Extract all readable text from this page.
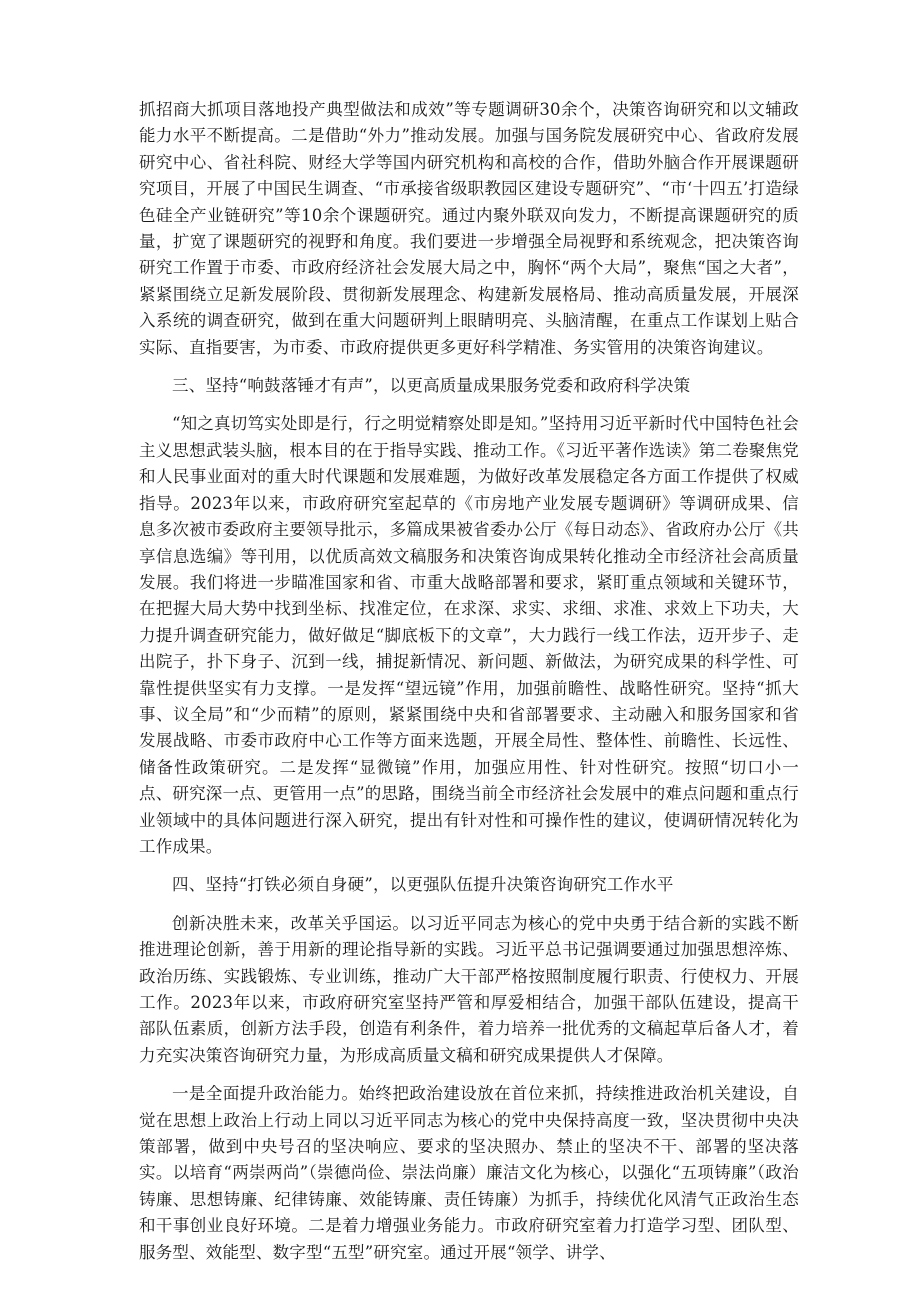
抓招商大抓项目落地投产典型做法和成效”等专题调研30余个，决策咨询研究和以文辅政能力水平不断提高。二是借助“外力”推动发展。加强与国务院发展研究中心、省政府发展研究中心、省社科院、财经大学等国内研究机构和高校的合作，借助外脑合作开展课题研究项目，开展了中国民生调查、“市承接省级职教园区建设专题研究”、“市‘十四五’打造绿色硅全产业链研究”等10余个课题研究。通过内聚外联双向发力，不断提高课题研究的质量，扩宽了课题研究的视野和角度。我们要进一步增强全局视野和系统观念，把决策咨询研究工作置于市委、市政府经济社会发展大局之中，胸怀“两个大局”，聚焦“国之大者”，紧紧围绕立足新发展阶段、贯彻新发展理念、构建新发展格局、推动高质量发展，开展深入系统的调查研究，做到在重大问题研判上眼睛明亮、头脑清醒，在重点工作谋划上贴合实际、直指要害，为市委、市政府提供更多更好科学精准、务实管用的决策咨询建议。

三、坚持“响鼓落锤才有声”，以更高质量成果服务党委和政府科学决策

“知之真切笃实处即是行，行之明觉精察处即是知。”坚持用习近平新时代中国特色社会主义思想武装头脑，根本目的在于指导实践、推动工作。《习近平著作选读》第二卷聚焦党和人民事业面对的重大时代课题和发展难题，为做好改革发展稳定各方面工作提供了权威指导。2023年以来，市政府研究室起草的《市房地产业发展专题调研》等调研成果、信息多次被市委政府主要领导批示，多篇成果被省委办公厅《每日动态》、省政府办公厅《共享信息选编》等刊用，以优质高效文稿服务和决策咨询成果转化推动全市经济社会高质量发展。我们将进一步瞄准国家和省、市重大战略部署和要求，紧盯重点领域和关键环节，在把握大局大势中找到坐标、找准定位，在求深、求实、求细、求准、求效上下功夫，大力提升调查研究能力，做好做足“脚底板下的文章”，大力践行一线工作法，迈开步子、走出院子，扑下身子、沉到一线，捕捉新情况、新问题、新做法，为研究成果的科学性、可靠性提供坚实有力支撑。一是发挥“望远镜”作用，加强前瞻性、战略性研究。坚持“抓大事、议全局”和“少而精”的原则，紧紧围绕中央和省部署要求、主动融入和服务国家和省发展战略、市委市政府中心工作等方面来选题，开展全局性、整体性、前瞻性、长远性、储备性政策研究。二是发挥“显微镜”作用，加强应用性、针对性研究。按照“切口小一点、研究深一点、更管用一点”的思路，围绕当前全市经济社会发展中的难点问题和重点行业领域中的具体问题进行深入研究，提出有针对性和可操作性的建议，使调研情况转化为工作成果。

四、坚持“打铁必须自身硬”，以更强队伍提升决策咨询研究工作水平

创新决胜未来，改革关乎国运。以习近平同志为核心的党中央勇于结合新的实践不断推进理论创新，善于用新的理论指导新的实践。习近平总书记强调要通过加强思想淬炼、政治历练、实践锻炼、专业训练，推动广大干部严格按照制度履行职责、行使权力、开展工作。2023年以来，市政府研究室坚持严管和厚爱相结合，加强干部队伍建设，提高干部队伍素质，创新方法手段，创造有利条件，着力培养一批优秀的文稿起草后备人才，着力充实决策咨询研究力量，为形成高质量文稿和研究成果提供人才保障。

一是全面提升政治能力。始终把政治建设放在首位来抓，持续推进政治机关建设，自觉在思想上政治上行动上同以习近平同志为核心的党中央保持高度一致，坚决贯彻中央决策部署，做到中央号召的坚决响应、要求的坚决照办、禁止的坚决不干、部署的坚决落实。以培育“两崇两尚”（崇德尚俭、崇法尚廉）廉洁文化为核心，以强化“五项铸廉”（政治铸廉、思想铸廉、纪律铸廉、效能铸廉、责任铸廉）为抓手，持续优化风清气正政治生态和干事创业良好环境。二是着力增强业务能力。市政府研究室着力打造学习型、团队型、服务型、效能型、数字型“五型”研究室。通过开展“领学、讲学、
